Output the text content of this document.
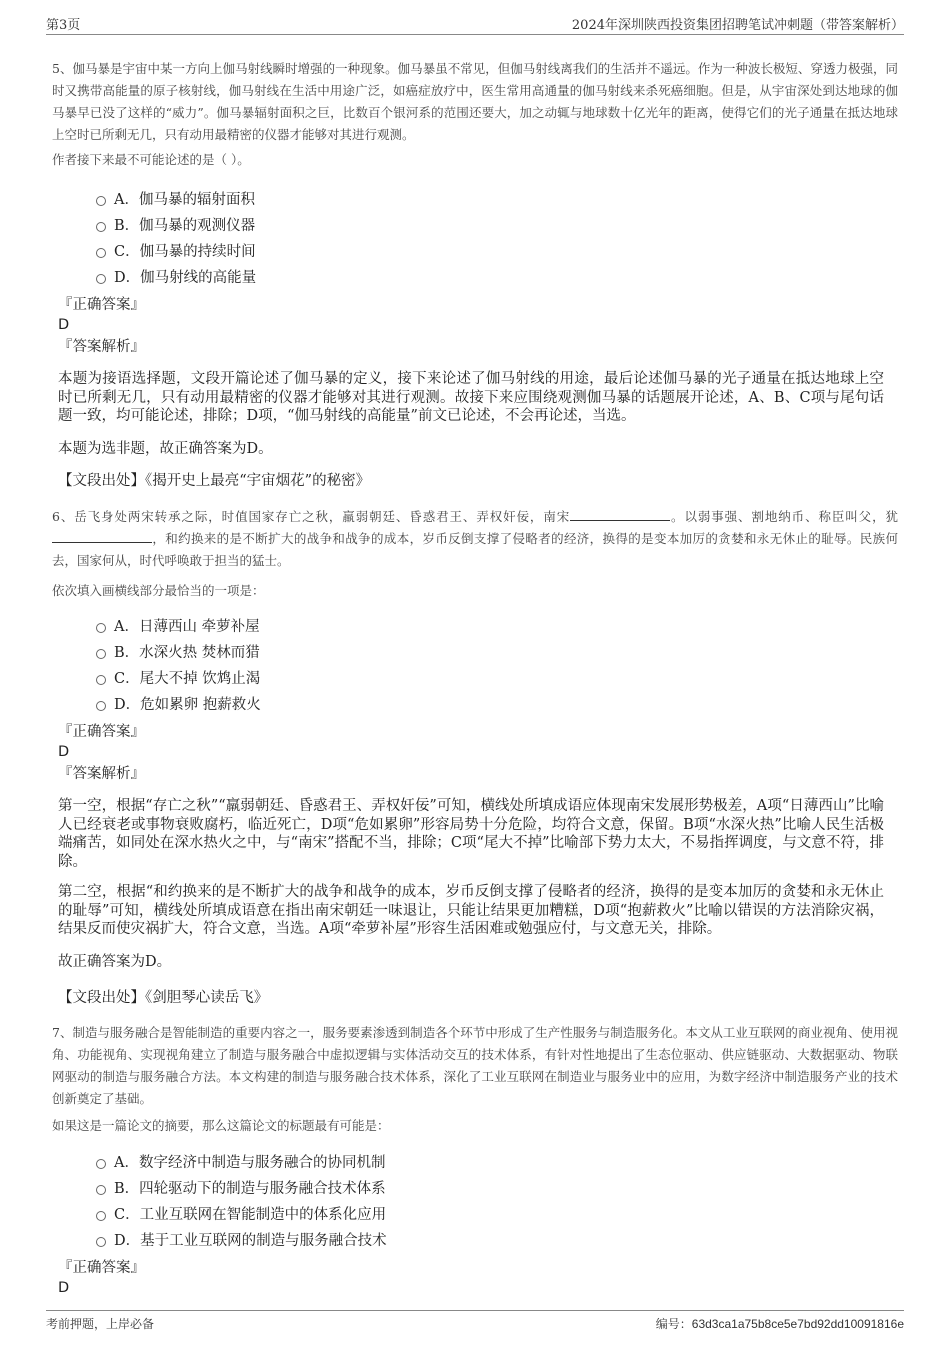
第3页	2024年深圳陕西投资集团招聘笔试冲刺题（带答案解析）

5、伽马暴是宇宙中某一方向上伽马射线瞬时增强的一种现象。伽马暴虽不常见，但伽马射线离我们的生活并不遥远。作为一种波长极短、穿透力极强，同时又携带高能量的原子核射线，伽马射线在生活中用途广泛，如癌症放疗中，医生常用高通量的伽马射线来杀死癌细胞。但是，从宇宙深处到达地球的伽马暴早已没了这样的“威力”。伽马暴辐射面积之巨，比数百个银河系的范围还要大，加之动辄与地球数十亿光年的距离，使得它们的光子通量在抵达地球上空时已所剩无几，只有动用最精密的仪器才能够对其进行观测。

作者接下来最不可能论述的是（ ）。

A．伽马暴的辐射面积
B．伽马暴的观测仪器
C．伽马暴的持续时间
D．伽马射线的高能量

『正确答案』

D

『答案解析』

本题为接语选择题，文段开篇论述了伽马暴的定义，接下来论述了伽马射线的用途，最后论述伽马暴的光子通量在抵达地球上空时已所剩无几，只有动用最精密的仪器才能够对其进行观测。故接下来应围绕观测伽马暴的话题展开论述，A、B、C项与尾句话题一致，均可能论述，排除；D项，“伽马射线的高能量”前文已论述，不会再论述，当选。

本题为选非题，故正确答案为D。

【文段出处】《揭开史上最亮“宇宙烟花”的秘密》

6、岳飞身处两宋转承之际，时值国家存亡之秋，羸弱朝廷、昏惑君王、弄权奸佞，南宋	。以弱事强、割地纳币、称臣叫父，犹，和约换来的是不断扩大的战争和战争的成本，岁币反倒支撑了侵略者的经济，换得的是变本加厉的贪婪和永无休止的耻辱。民族何去，国家何从，时代呼唤敢于担当的猛士。

依次填入画横线部分最恰当的一项是：

A．日薄西山 牵萝补屋
B．水深火热 焚林而猎
C．尾大不掉 饮鸩止渴
D．危如累卵 抱薪救火

『正确答案』

D

『答案解析』

第一空，根据“存亡之秋”“羸弱朝廷、昏惑君王、弄权奸佞”可知，横线处所填成语应体现南宋发展形势极差，A项“日薄西山”比喻人已经衰老或事物衰败腐朽，临近死亡，D项“危如累卵”形容局势十分危险，均符合文意，保留。B项“水深火热”比喻人民生活极端痛苦，如同处在深水热火之中，与“南宋”搭配不当，排除；C项“尾大不掉”比喻部下势力太大，不易指挥调度，与文意不符，排除。

第二空，根据“和约换来的是不断扩大的战争和战争的成本，岁币反倒支撑了侵略者的经济，换得的是变本加厉的贪婪和永无休止的耻辱”可知，横线处所填成语意在指出南宋朝廷一味退让，只能让结果更加糟糕，D项“抱薪救火”比喻以错误的方法消除灾祸，结果反而使灾祸扩大，符合文意，当选。A项“牵萝补屋”形容生活困难或勉强应付，与文意无关，排除。

故正确答案为D。

【文段出处】《剑胆琴心读岳飞》

7、制造与服务融合是智能制造的重要内容之一，服务要素渗透到制造各个环节中形成了生产性服务与制造服务化。本文从工业互联网的商业视角、使用视角、功能视角、实现视角建立了制造与服务融合中虚拟逻辑与实体活动交互的技术体系，有针对性地提出了生态位驱动、供应链驱动、大数据驱动、物联网驱动的制造与服务融合方法。本文构建的制造与服务融合技术体系，深化了工业互联网在制造业与服务业中的应用，为数字经济中制造服务产业的技术创新奠定了基础。

如果这是一篇论文的摘要，那么这篇论文的标题最有可能是：

A．数字经济中制造与服务融合的协同机制
B．四轮驱动下的制造与服务融合技术体系
C．工业互联网在智能制造中的体系化应用
D．基于工业互联网的制造与服务融合技术

『正确答案』

D

考前押题，上岸必备	编号：63d3ca1a75b8ce5e7bd92dd10091816e
